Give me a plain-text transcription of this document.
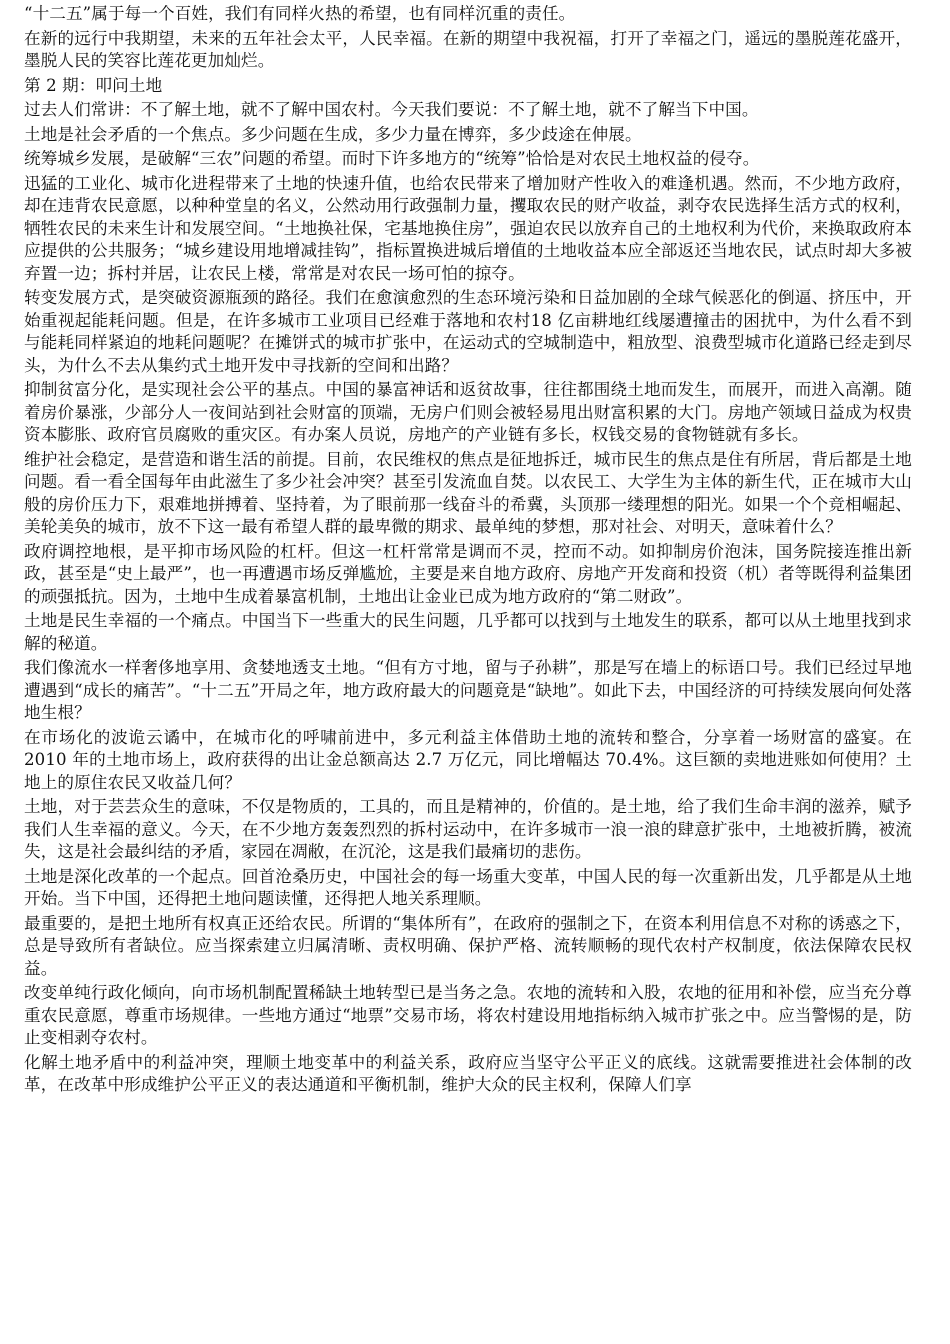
“十二五”属于每一个百姓，我们有同样火热的希望，也有同样沉重的责任。

在新的远行中我期望，未来的五年社会太平，人民幸福。在新的期望中我祝福，打开了幸福之门，遥远的墨脱莲花盛开，墨脱人民的笑容比莲花更加灿烂。

第 2 期：叩问土地

过去人们常讲：不了解土地，就不了解中国农村。今天我们要说：不了解土地，就不了解当下中国。

土地是社会矛盾的一个焦点。多少问题在生成，多少力量在博弈，多少歧途在伸展。

统筹城乡发展，是破解“三农”问题的希望。而时下许多地方的“统筹”恰恰是对农民土地权益的侵夺。

迅猛的工业化、城市化进程带来了土地的快速升值，也给农民带来了增加财产性收入的难逢机遇。然而，不少地方政府，却在违背农民意愿，以种种堂皇的名义，公然动用行政强制力量，攫取农民的财产收益，剥夺农民选择生活方式的权利，牺牲农民的未来生计和发展空间。“土地换社保，宅基地换住房”，强迫农民以放弃自己的土地权利为代价，来换取政府本应提供的公共服务；“城乡建设用地增减挂钩”，指标置换进城后增值的土地收益本应全部返还当地农民，试点时却大多被弃置一边；拆村并居，让农民上楼，常常是对农民一场可怕的掠夺。

转变发展方式，是突破资源瓶颈的路径。我们在愈演愈烈的生态环境污染和日益加剧的全球气候恶化的倒逼、挤压中，开始重视起能耗问题。但是，在许多城市工业项目已经难于落地和农村18 亿亩耕地红线屡遭撞击的困扰中，为什么看不到与能耗同样紧迫的地耗问题呢？在摊饼式的城市扩张中，在运动式的空城制造中，粗放型、浪费型城市化道路已经走到尽头，为什么不去从集约式土地开发中寻找新的空间和出路？

抑制贫富分化，是实现社会公平的基点。中国的暴富神话和返贫故事，往往都围绕土地而发生，而展开，而进入高潮。随着房价暴涨，少部分人一夜间站到社会财富的顶端，无房户们则会被轻易甩出财富积累的大门。房地产领域日益成为权贵资本膨胀、政府官员腐败的重灾区。有办案人员说，房地产的产业链有多长，权钱交易的食物链就有多长。

维护社会稳定，是营造和谐生活的前提。目前，农民维权的焦点是征地拆迁，城市民生的焦点是住有所居，背后都是土地问题。看一看全国每年由此滋生了多少社会冲突？甚至引发流血自焚。以农民工、大学生为主体的新生代，正在城市大山般的房价压力下，艰难地拼搏着、坚持着，为了眼前那一线奋斗的希冀，头顶那一缕理想的阳光。如果一个个竞相崛起、美轮美奂的城市，放不下这一最有希望人群的最卑微的期求、最单纯的梦想，那对社会、对明天，意味着什么？

政府调控地根，是平抑市场风险的杠杆。但这一杠杆常常是调而不灵，控而不动。如抑制房价泡沫，国务院接连推出新政，甚至是“史上最严”，也一再遭遇市场反弹尴尬，主要是来自地方政府、房地产开发商和投资（机）者等既得利益集团的顽强抵抗。因为，土地中生成着暴富机制，土地出让金业已成为地方政府的“第二财政”。

土地是民生幸福的一个痛点。中国当下一些重大的民生问题，几乎都可以找到与土地发生的联系，都可以从土地里找到求解的秘道。

我们像流水一样奢侈地享用、贪婪地透支土地。“但有方寸地，留与子孙耕”，那是写在墙上的标语口号。我们已经过早地遭遇到“成长的痛苦”。“十二五”开局之年，地方政府最大的问题竟是“缺地”。如此下去，中国经济的可持续发展向何处落地生根？

在市场化的波诡云谲中，在城市化的呼啸前进中，多元利益主体借助土地的流转和整合，分享着一场财富的盛宴。在 2010 年的土地市场上，政府获得的出让金总额高达 2.7 万亿元，同比增幅达 70.4%。这巨额的卖地进账如何使用？土地上的原住农民又收益几何？

土地，对于芸芸众生的意味，不仅是物质的，工具的，而且是精神的，价值的。是土地，给了我们生命丰润的滋养，赋予我们人生幸福的意义。今天，在不少地方轰轰烈烈的拆村运动中，在许多城市一浪一浪的肆意扩张中，土地被折腾，被流失，这是社会最纠结的矛盾，家园在凋敝，在沉沦，这是我们最痛切的悲伤。

土地是深化改革的一个起点。回首沧桑历史，中国社会的每一场重大变革，中国人民的每一次重新出发，几乎都是从土地开始。当下中国，还得把土地问题读懂，还得把人地关系理顺。

最重要的，是把土地所有权真正还给农民。所谓的“集体所有”，在政府的强制之下，在资本利用信息不对称的诱惑之下，总是导致所有者缺位。应当探索建立归属清晰、责权明确、保护严格、流转顺畅的现代农村产权制度，依法保障农民权益。

改变单纯行政化倾向，向市场机制配置稀缺土地转型已是当务之急。农地的流转和入股，农地的征用和补偿，应当充分尊重农民意愿，尊重市场规律。一些地方通过“地票”交易市场，将农村建设用地指标纳入城市扩张之中。应当警惕的是，防止变相剥夺农村。

化解土地矛盾中的利益冲突，理顺土地变革中的利益关系，政府应当坚守公平正义的底线。这就需要推进社会体制的改革，在改革中形成维护公平正义的表达通道和平衡机制，维护大众的民主权利，保障人们享
